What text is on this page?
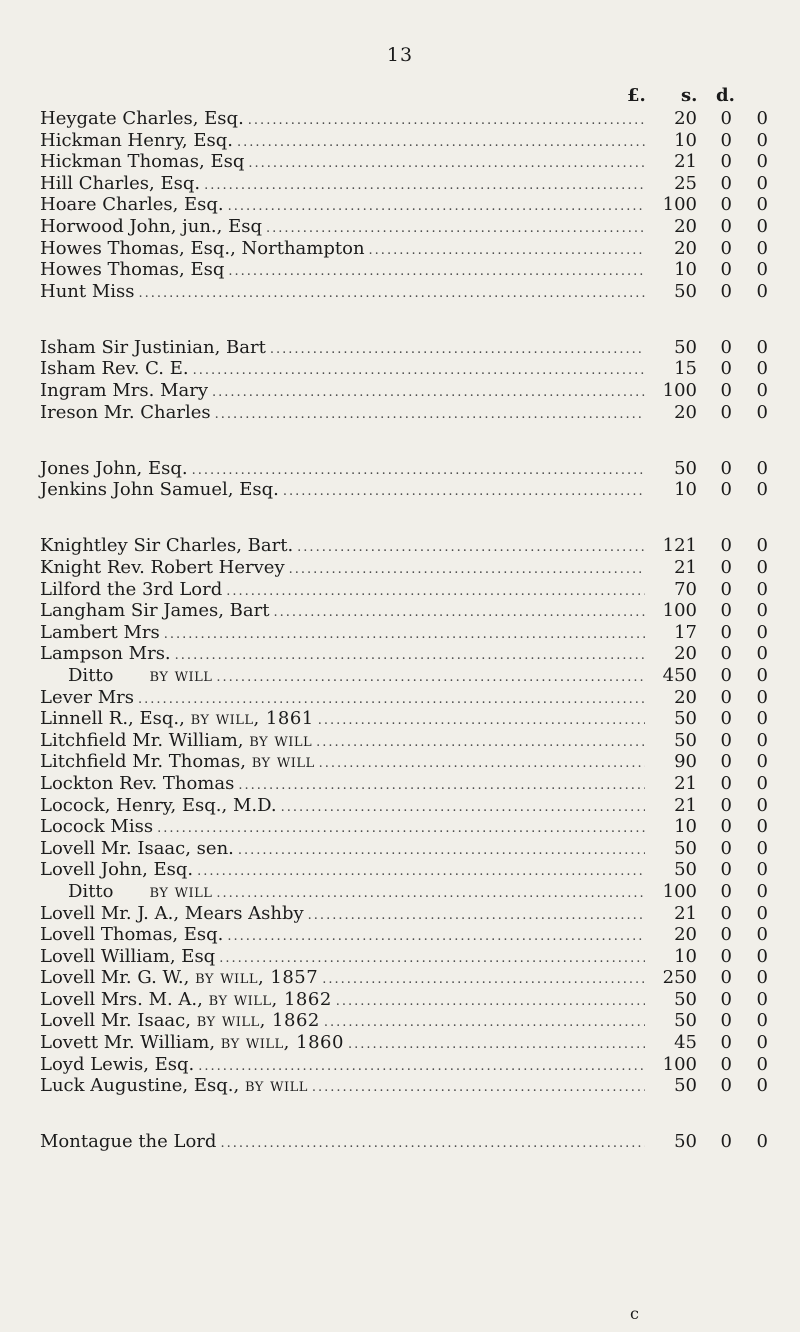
13
£. s. d.
Heygate Charles, Esq. .....	20	0	0
Hickman Henry, Esq. .....	10	0	0
Hickman Thomas, Esq .....	21	0	0
Hill Charles, Esq. .....	25	0	0
Hoare Charles, Esq. .....	100	0	0
Horwood John, jun., Esq .....	20	0	0
Howes Thomas, Esq., Northampton .....	20	0	0
Howes Thomas, Esq .....	10	0	0
Hunt Miss .....	50	0	0
Isham Sir Justinian, Bart .....	50	0	0
Isham Rev. C. E. .....	15	0	0
Ingram Mrs. Mary .....	100	0	0
Ireson Mr. Charles .....	20	0	0
Jones John, Esq. .....	50	0	0
Jenkins John Samuel, Esq. .....	10	0	0
Knightley Sir Charles, Bart. .....	121	0	0
Knight Rev. Robert Hervey .....	21	0	0
Lilford the 3rd Lord .....	70	0	0
Langham Sir James, Bart .....	100	0	0
Lambert Mrs .....	17	0	0
Lampson Mrs. .....	20	0	0
Ditto   by will .....	450	0	0
Lever Mrs .....	20	0	0
Linnell R., Esq., by will, 1861 .....	50	0	0
Litchfield Mr. William, by will .....	50	0	0
Litchfield Mr. Thomas, by will .....	90	0	0
Lockton Rev. Thomas .....	21	0	0
Locock, Henry, Esq., M.D. .....	21	0	0
Locock Miss .....	10	0	0
Lovell Mr. Isaac, sen. .....	50	0	0
Lovell John, Esq. .....	50	0	0
Ditto   by will .....	100	0	0
Lovell Mr. J. A., Mears Ashby .....	21	0	0
Lovell Thomas, Esq. .....	20	0	0
Lovell William, Esq .....	10	0	0
Lovell Mr. G. W., by will, 1857 .....	250	0	0
Lovell Mrs. M. A., by will, 1862 .....	50	0	0
Lovell Mr. Isaac, by will, 1862 .....	50	0	0
Lovett Mr. William, by will, 1860 .....	45	0	0
Loyd Lewis, Esq. .....	100	0	0
Luck Augustine, Esq., by will .....	50	0	0
Montague the Lord .....	50	0	0
c
